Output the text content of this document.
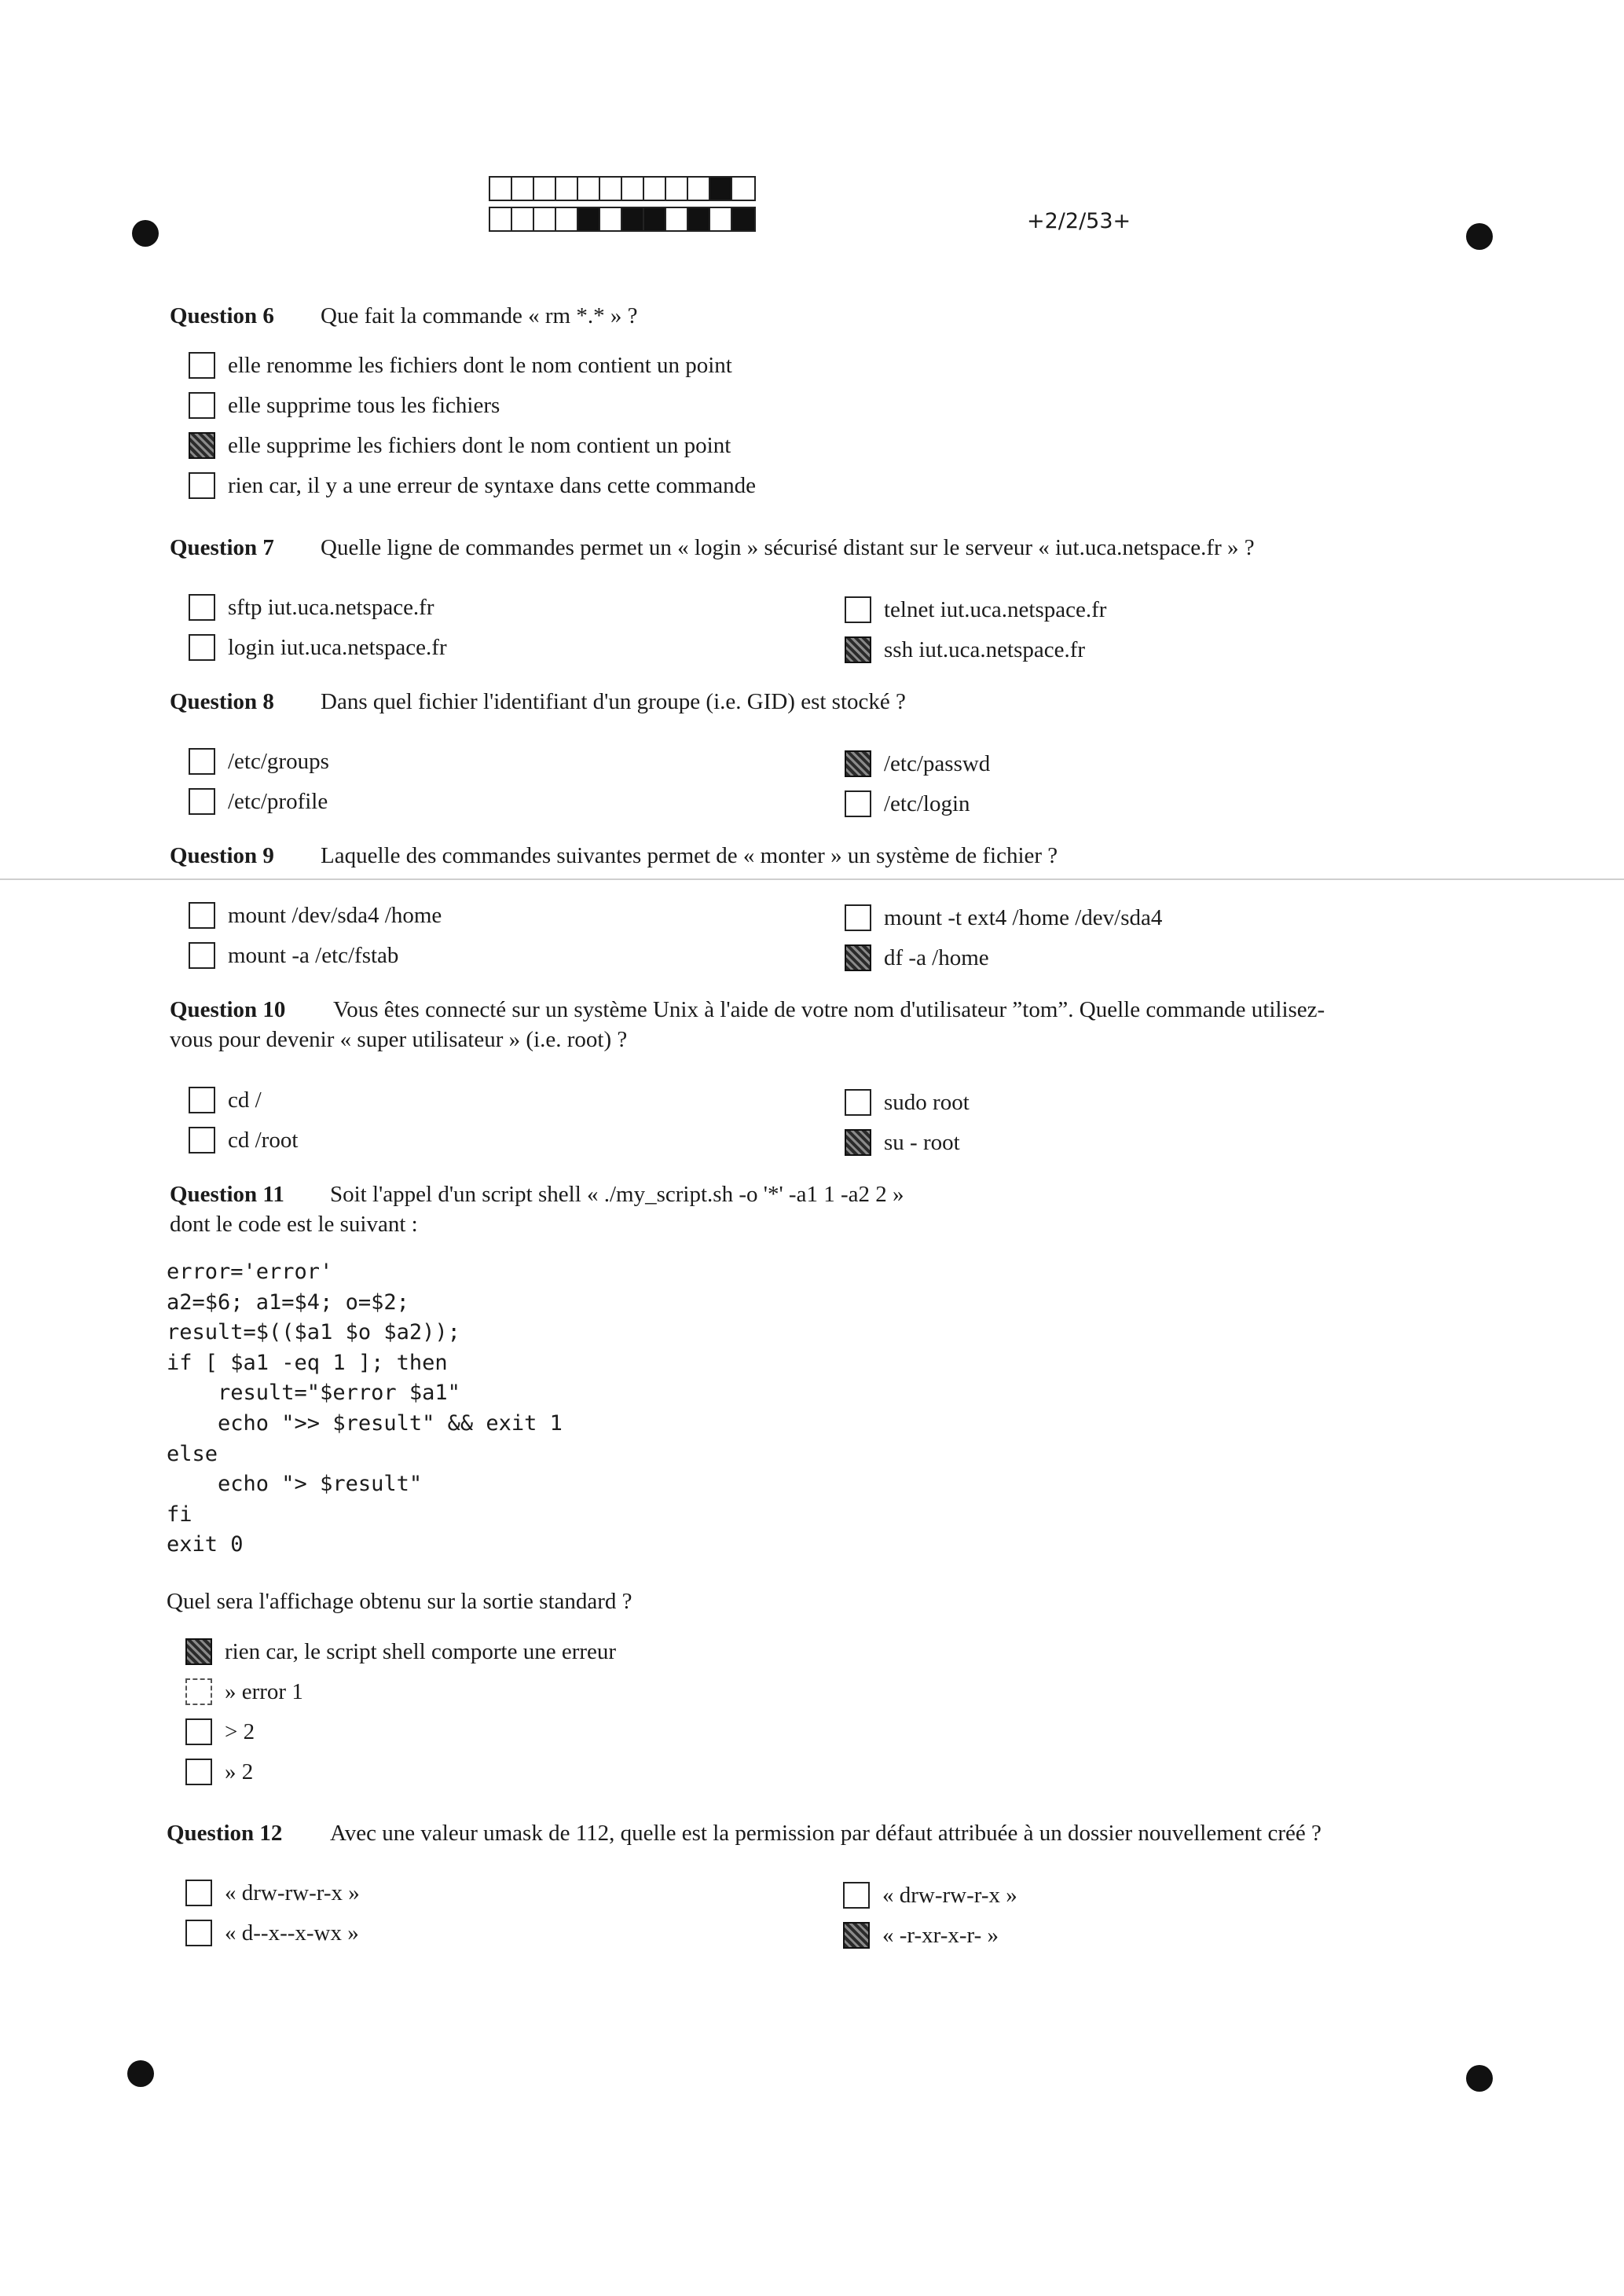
+2/2/53+
Question 6 Que fait la commande « rm *.* » ?
elle renomme les fichiers dont le nom contient un point
elle supprime tous les fichiers
elle supprime les fichiers dont le nom contient un point
rien car, il y a une erreur de syntaxe dans cette commande
Question 7 Quelle ligne de commandes permet un « login » sécurisé distant sur le serveur « iut.uca.netspace.fr » ?
sftp iut.uca.netspace.fr
login iut.uca.netspace.fr
telnet iut.uca.netspace.fr
ssh iut.uca.netspace.fr
Question 8 Dans quel fichier l'identifiant d'un groupe (i.e. GID) est stocké ?
/etc/groups
/etc/profile
/etc/passwd
/etc/login
Question 9 Laquelle des commandes suivantes permet de « monter » un système de fichier ?
mount /dev/sda4 /home
mount -a /etc/fstab
mount -t ext4 /home /dev/sda4
df -a /home
Question 10 Vous êtes connecté sur un système Unix à l'aide de votre nom d'utilisateur ”tom”. Quelle commande utilisez-
vous pour devenir « super utilisateur » (i.e. root) ?
cd /
cd /root
sudo root
su - root
Question 11 Soit l'appel d'un script shell « ./my_script.sh -o '*' -a1 1 -a2 2 »
dont le code est le suivant :
error='error'
a2=$6; a1=$4; o=$2;
result=$(($a1 $o $a2));
if [ $a1 -eq 1 ]; then
result="$error $a1"
echo ">> $result" && exit 1
else
echo "> $result"
fi
exit 0
Quel sera l'affichage obtenu sur la sortie standard ?
rien car, le script shell comporte une erreur
» error 1
> 2
» 2
Question 12 Avec une valeur umask de 112, quelle est la permission par défaut attribuée à un dossier nouvellement créé ?
« drw-rw-r-x »
« d--x--x-wx »
« drw-rw-r-x »
« -r-xr-x-r- »
